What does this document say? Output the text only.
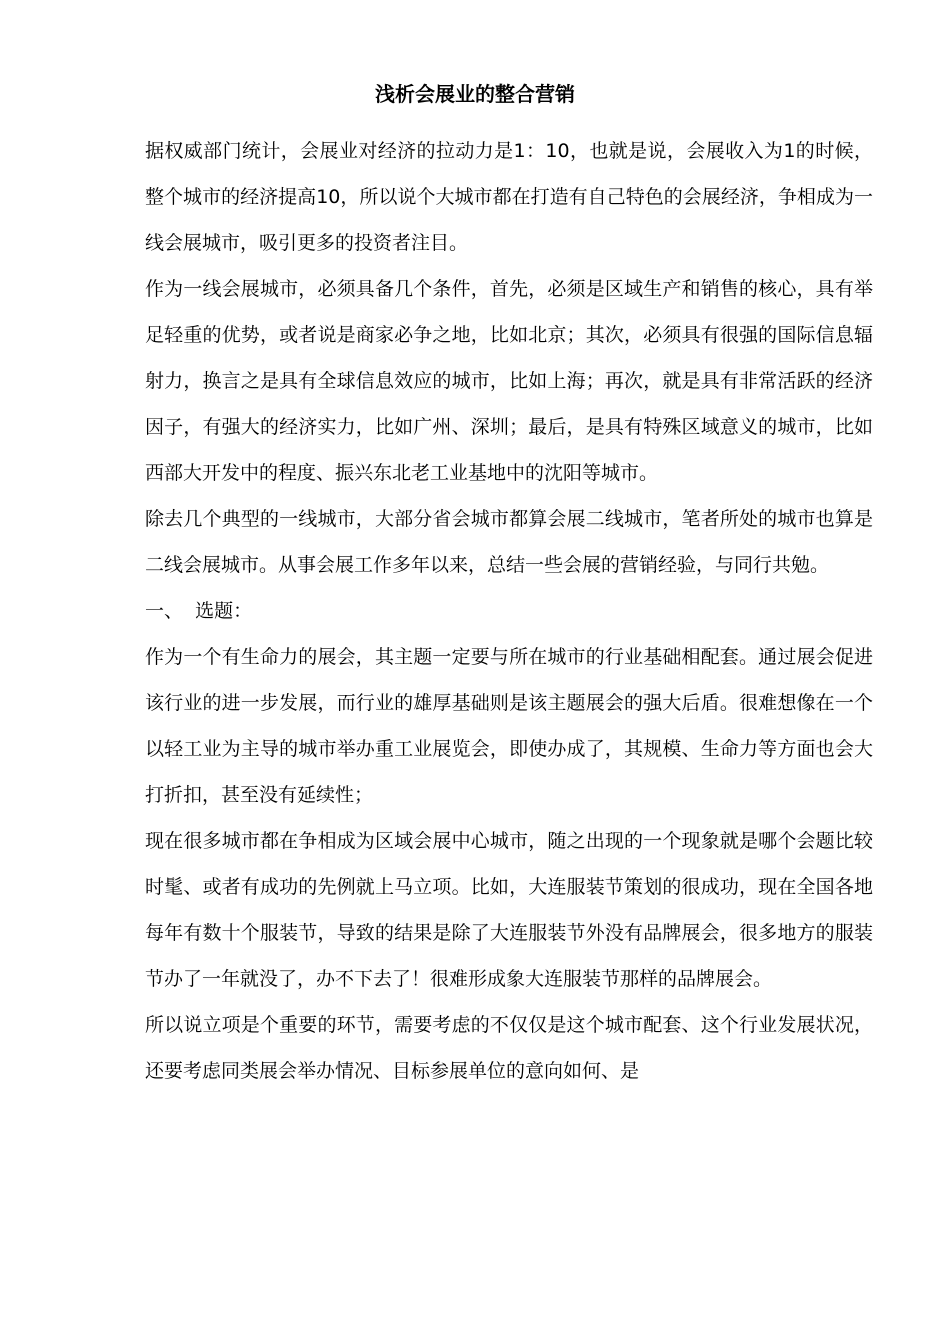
浅析会展业的整合营销

据权威部门统计，会展业对经济的拉动力是1：10，也就是说，会展收入为1的时候，整个城市的经济提高10，所以说个大城市都在打造有自己特色的会展经济，争相成为一线会展城市，吸引更多的投资者注目。

作为一线会展城市，必须具备几个条件，首先，必须是区域生产和销售的核心，具有举足轻重的优势，或者说是商家必争之地，比如北京；其次，必须具有很强的国际信息辐射力，换言之是具有全球信息效应的城市，比如上海；再次，就是具有非常活跃的经济因子，有强大的经济实力，比如广州、深圳；最后，是具有特殊区域意义的城市，比如西部大开发中的程度、振兴东北老工业基地中的沈阳等城市。

除去几个典型的一线城市，大部分省会城市都算会展二线城市，笔者所处的城市也算是二线会展城市。从事会展工作多年以来，总结一些会展的营销经验，与同行共勉。

一、 选题：

作为一个有生命力的展会，其主题一定要与所在城市的行业基础相配套。通过展会促进该行业的进一步发展，而行业的雄厚基础则是该主题展会的强大后盾。很难想像在一个以轻工业为主导的城市举办重工业展览会，即使办成了，其规模、生命力等方面也会大打折扣，甚至没有延续性；

现在很多城市都在争相成为区域会展中心城市，随之出现的一个现象就是哪个会题比较时髦、或者有成功的先例就上马立项。比如，大连服装节策划的很成功，现在全国各地每年有数十个服装节，导致的结果是除了大连服装节外没有品牌展会，很多地方的服装节办了一年就没了，办不下去了！很难形成象大连服装节那样的品牌展会。

所以说立项是个重要的环节，需要考虑的不仅仅是这个城市配套、这个行业发展状况，还要考虑同类展会举办情况、目标参展单位的意向如何、是
